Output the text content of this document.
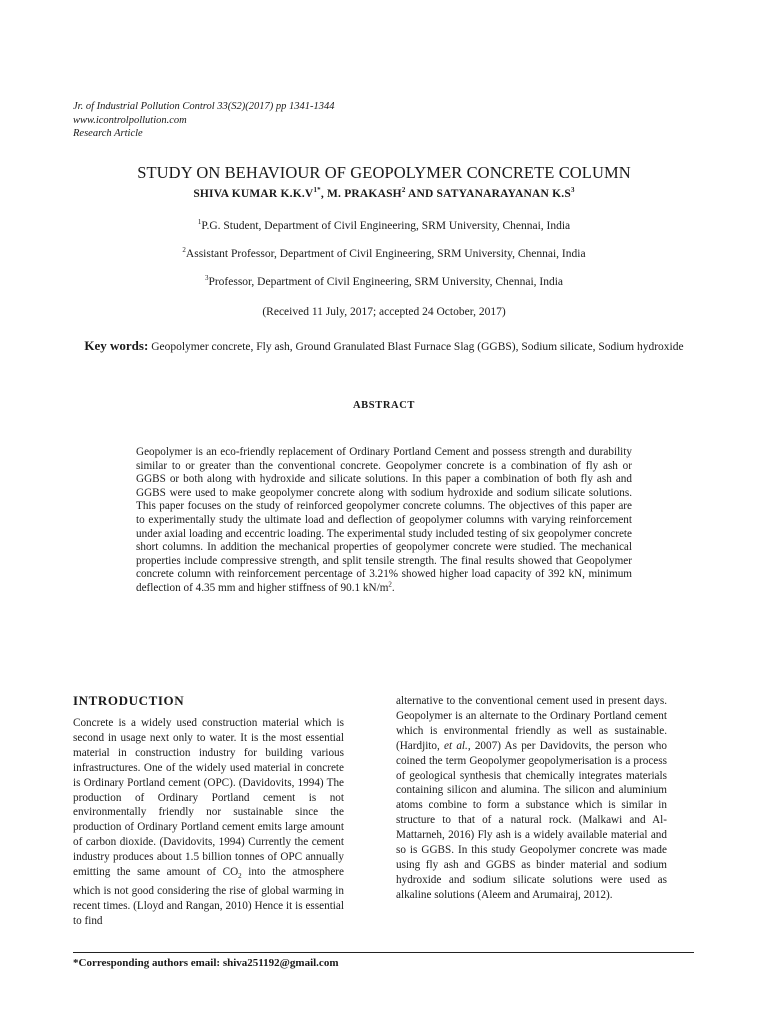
Jr. of Industrial Pollution Control 33(S2)(2017) pp 1341-1344
www.icontrolpollution.com
Research Article
STUDY ON BEHAVIOUR OF GEOPOLYMER CONCRETE COLUMN
SHIVA KUMAR $K.K.V^{1*}$, M. PRAKASH$^2$ AND SATYANARAYANAN $K.S^3$
$^1$P.G. Student, Department of Civil Engineering, SRM University, Chennai, India
$^2$Assistant Professor, Department of Civil Engineering, SRM University, Chennai, India
$^3$Professor, Department of Civil Engineering, SRM University, Chennai, India
(Received 11 July, 2017; accepted 24 October, 2017)
Key words: Geopolymer concrete, Fly ash, Ground Granulated Blast Furnace Slag (GGBS), Sodium silicate, Sodium hydroxide
ABSTRACT
Geopolymer is an eco-friendly replacement of Ordinary Portland Cement and possess strength and durability similar to or greater than the conventional concrete. Geopolymer concrete is a combination of fly ash or GGBS or both along with hydroxide and silicate solutions. In this paper a combination of both fly ash and GGBS were used to make geopolymer concrete along with sodium hydroxide and sodium silicate solutions. This paper focuses on the study of reinforced geopolymer concrete columns. The objectives of this paper are to experimentally study the ultimate load and deflection of geopolymer columns with varying reinforcement under axial loading and eccentric loading. The experimental study included testing of six geopolymer concrete short columns. In addition the mechanical properties of geopolymer concrete were studied. The mechanical properties include compressive strength, and split tensile strength. The final results showed that Geopolymer concrete column with reinforcement percentage of 3.21% showed higher load capacity of 392 kN, minimum deflection of 4.35 mm and higher stiffness of 90.1 $kN/m^2$.
INTRODUCTION
Concrete is a widely used construction material which is second in usage next only to water. It is the most essential material in construction industry for building various infrastructures. One of the widely used material in concrete is Ordinary Portland cement (OPC). (Davidovits, 1994) The production of Ordinary Portland cement is not environmentally friendly nor sustainable since the production of Ordinary Portland cement emits large amount of carbon dioxide. (Davidovits, 1994) Currently the cement industry produces about 1.5 billion tonnes of OPC annually emitting the same amount of $CO_2$ into the atmosphere which is not good considering the rise of global warming in recent times. (Lloyd and Rangan, 2010) Hence it is essential to find
alternative to the conventional cement used in present days. Geopolymer is an alternate to the Ordinary Portland cement which is environmental friendly as well as sustainable. (Hardjito, et al., 2007) As per Davidovits, the person who coined the term Geopolymer geopolymerisation is a process of geological synthesis that chemically integrates materials containing silicon and alumina. The silicon and aluminium atoms combine to form a substance which is similar in structure to that of a natural rock. (Malkawi and Al-Mattarneh, 2016) Fly ash is a widely available material and so is GGBS. In this study Geopolymer concrete was made using fly ash and GGBS as binder material and sodium hydroxide and sodium silicate solutions were used as alkaline solutions (Aleem and Arumairaj, 2012).
*Corresponding authors email: shiva251192@gmail.com
